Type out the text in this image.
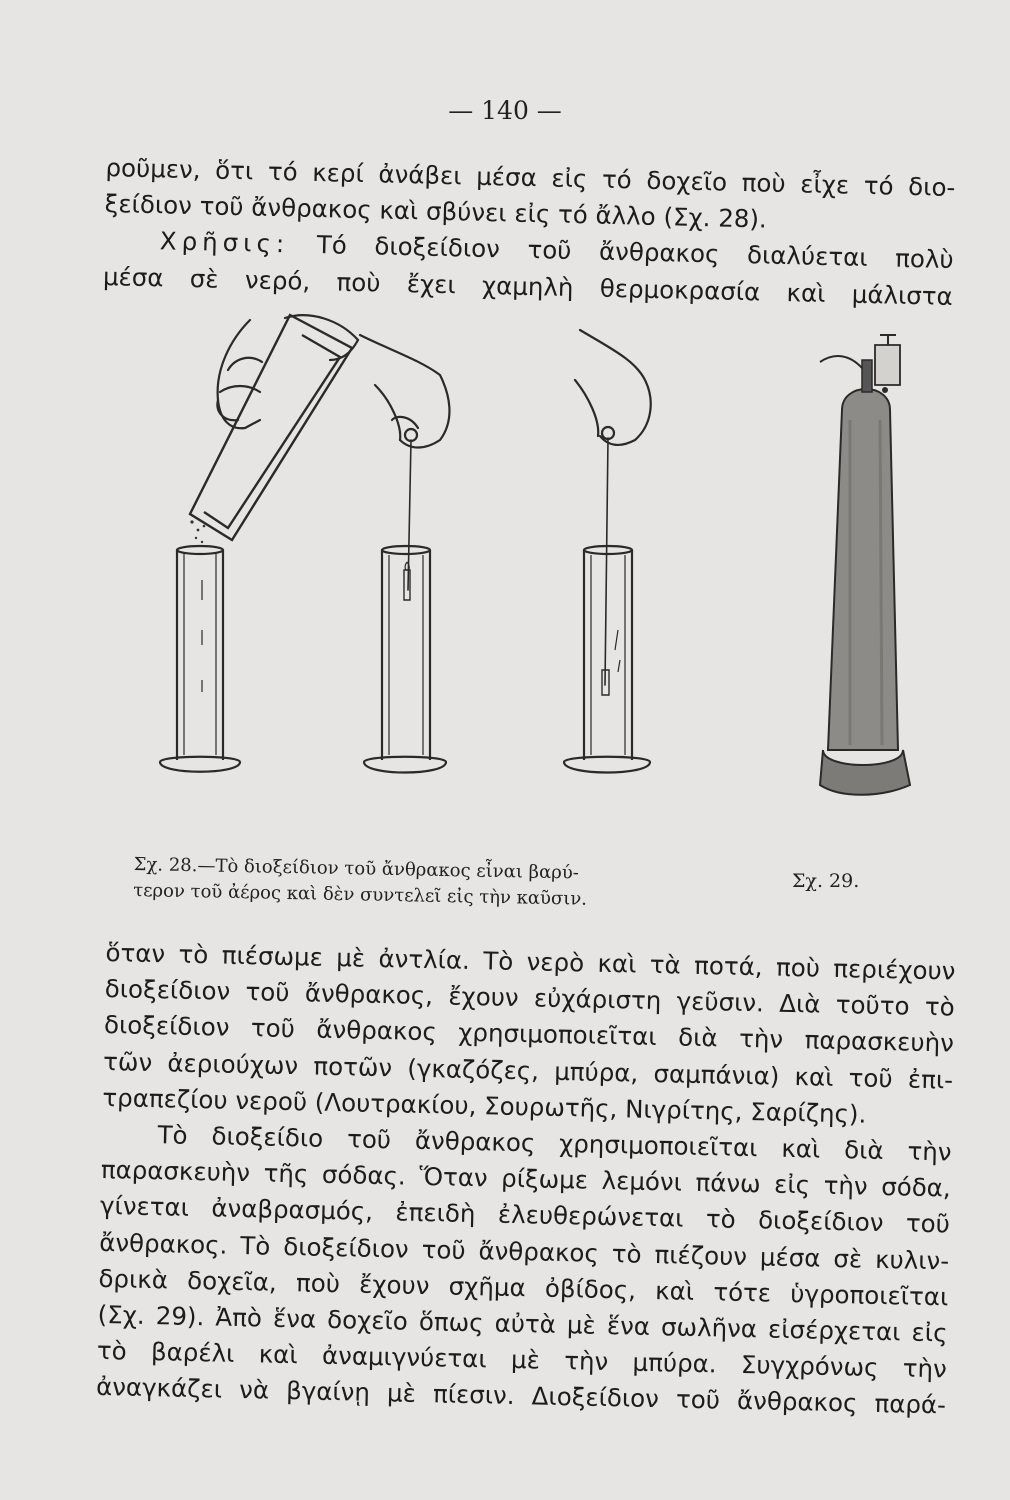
— 140 —
ροῦμεν, ὅτι τό κερί ἀνάβει μέσα εἰς τό δοχεῖο ποὺ εἶχε τό διο-
ξείδιον τοῦ ἄνθρακος καὶ σβύνει εἰς τό ἄλλο (Σχ. 28).
Χρῆσις: Τό διοξείδιον τοῦ ἄνθρακος διαλύεται πολὺ
μέσα σὲ νερό, ποὺ ἔχει χαμηλὴ θερμοκρασία καὶ μάλιστα
Σχ. 28.—Τὸ διοξείδιον τοῦ ἄνθρακος εἶναι βαρύ-
τερον τοῦ ἀέρος καὶ δὲν συντελεῖ εἰς τὴν καῦσιν.	Σχ. 29.
ὅταν τὸ πιέσωμε μὲ ἀντλία. Τὸ νερὸ καὶ τὰ ποτά, ποὺ περιέχουν
διοξείδιον τοῦ ἄνθρακος, ἔχουν εὐχάριστη γεῦσιν. Διὰ τοῦτο τὸ
διοξείδιον τοῦ ἄνθρακος χρησιμοποιεῖται διὰ τὴν παρασκευὴν
τῶν ἀεριούχων ποτῶν (γκαζόζες, μπύρα, σαμπάνια) καὶ τοῦ ἐπι-
τραπεζίου νεροῦ (Λουτρακίου, Σουρωτῆς, Νιγρίτης, Σαρίζης).
Τὸ διοξείδιο τοῦ ἄνθρακος χρησιμοποιεῖται καὶ διὰ τὴν
παρασκευὴν τῆς σόδας. Ὅταν ρίξωμε λεμόνι πάνω εἰς τὴν σόδα,
γίνεται ἀναβρασμός, ἐπειδὴ ἐλευθερώνεται τὸ διοξείδιον τοῦ
ἄνθρακος. Τὸ διοξείδιον τοῦ ἄνθρακος τὸ πιέζουν μέσα σὲ κυλιν-
δρικὰ δοχεῖα, ποὺ ἔχουν σχῆμα ὀβίδος, καὶ τότε ὑγροποιεῖται
(Σχ. 29). Ἀπὸ ἕνα δοχεῖο ὅπως αὐτὰ μὲ ἕνα σωλῆνα εἰσέρχεται εἰς
τὸ βαρέλι καὶ ἀναμιγνύεται μὲ τὴν μπύρα. Συγχρόνως τὴν
ἀναγκάζει νὰ βγαίνῃ μὲ πίεσιν. Διοξείδιον τοῦ ἄνθρακος παρά-
